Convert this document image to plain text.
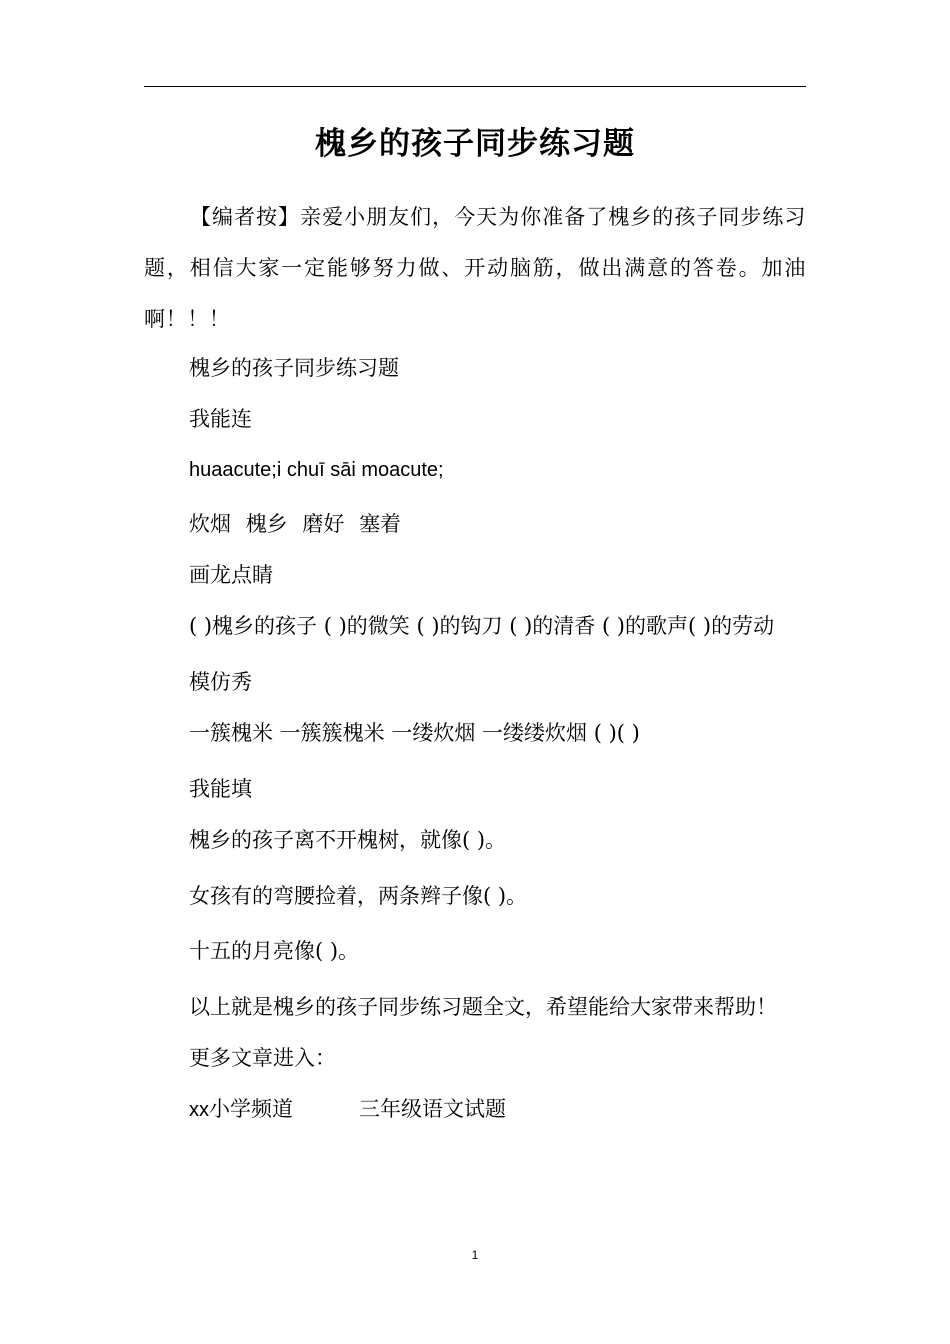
槐乡的孩子同步练习题
【编者按】亲爱小朋友们，今天为你准备了槐乡的孩子同步练习题，相信大家一定能够努力做、开动脑筋，做出满意的答卷。加油啊！！！
槐乡的孩子同步练习题
我能连
huaacute;i chuī sāi moacute;
炊烟 槐乡 磨好 塞着
画龙点睛
( )槐乡的孩子 ( )的微笑 ( )的钩刀 ( )的清香 ( )的歌声( )的劳动
模仿秀
一簇槐米 一簇簇槐米 一缕炊烟 一缕缕炊烟 ( )( )
我能填
槐乡的孩子离不开槐树，就像( )。
女孩有的弯腰捡着，两条辫子像( )。
十五的月亮像( )。
以上就是槐乡的孩子同步练习题全文，希望能给大家带来帮助！
更多文章进入：
xx小学频道	三年级语文试题
1
